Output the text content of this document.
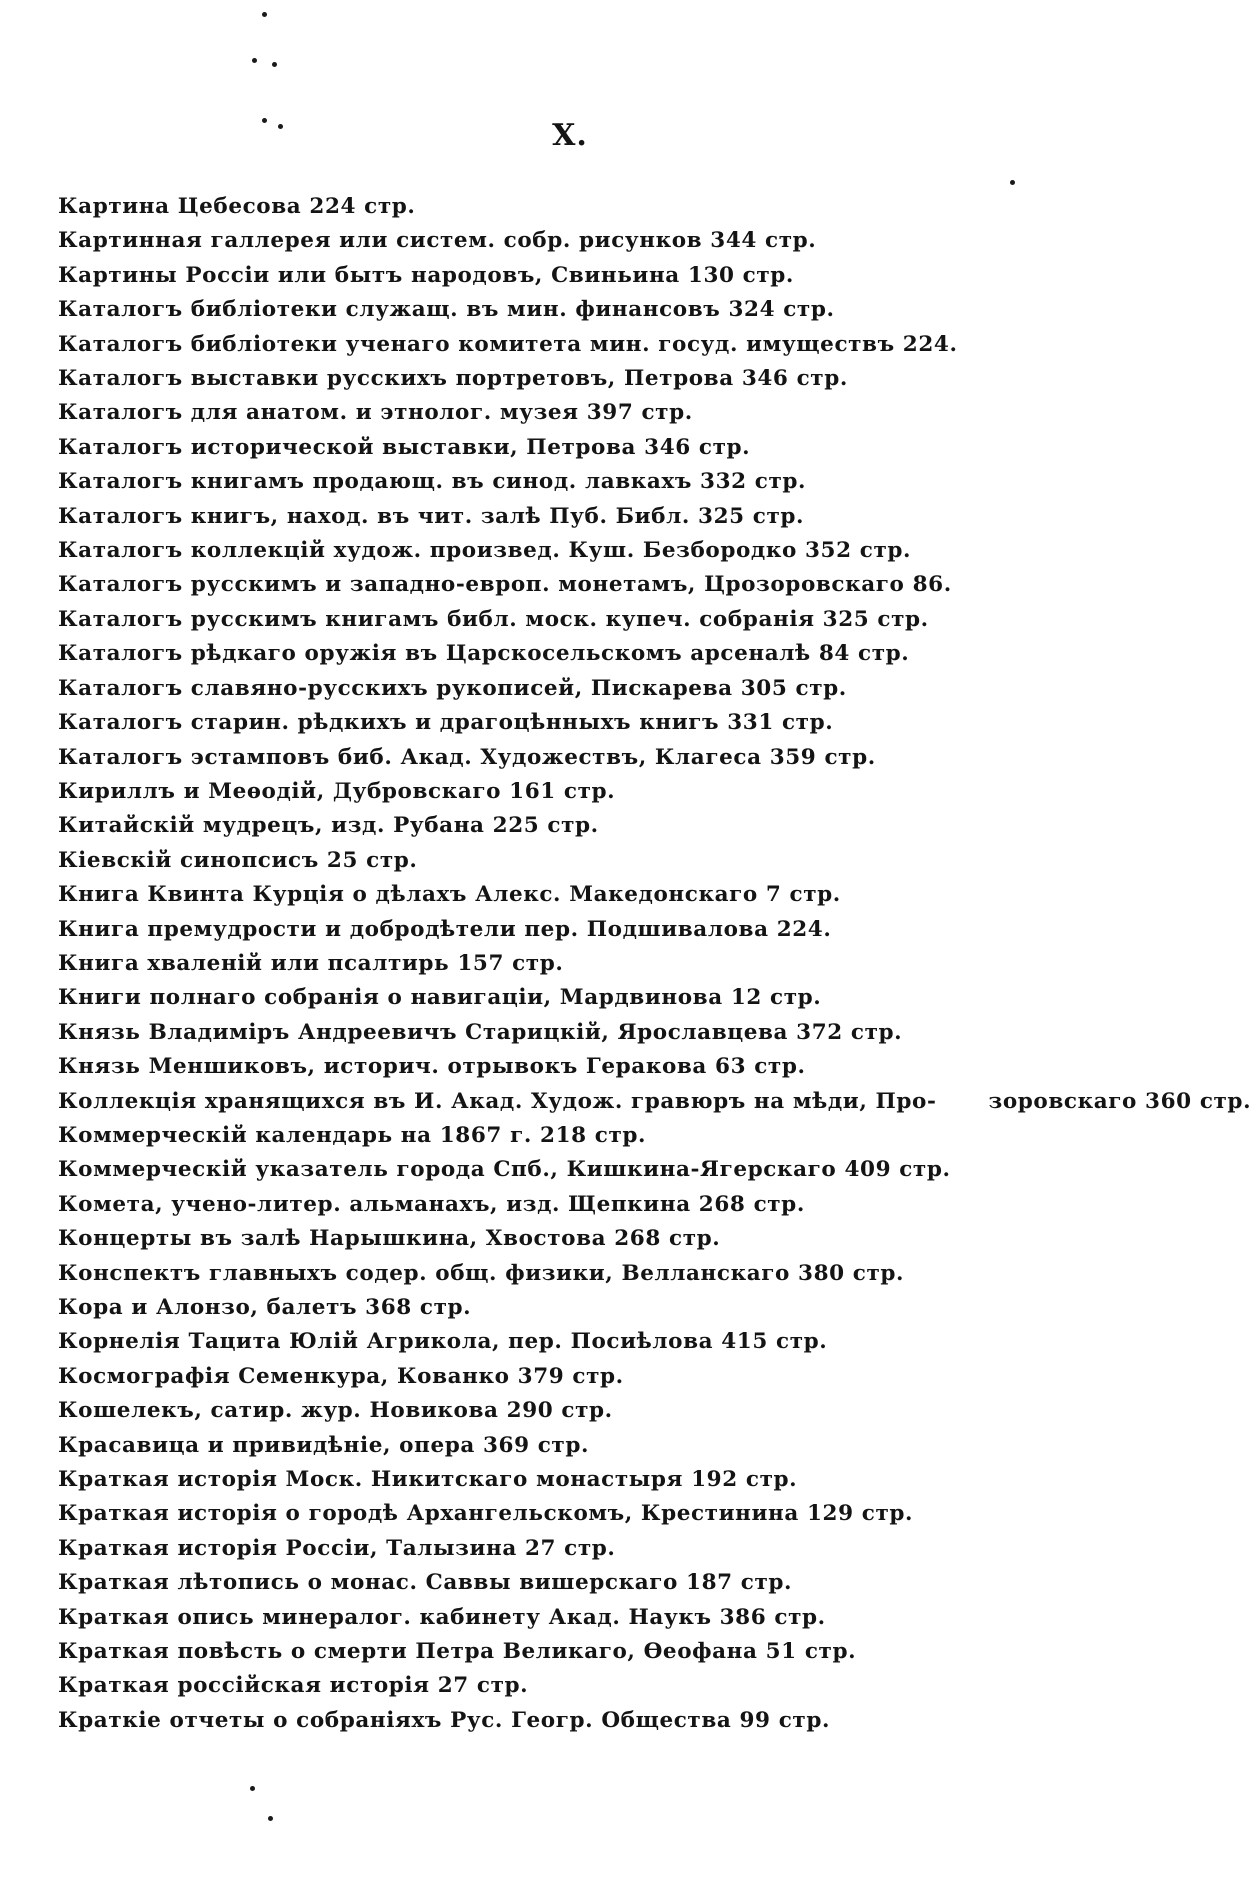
X.
Картина Цебесова 224 стр.
Картинная галлерея или систем. собр. рисунков 344 стр.
Картины Россіи или бытъ народовъ, Свиньина 130 стр.
Каталогъ библіотеки служащ. въ мин. финансовъ 324 стр.
Каталогъ библіотеки ученаго комитета мин. госуд. имуществъ 224.
Каталогъ выставки русскихъ портретовъ, Петрова 346 стр.
Каталогъ для анатом. и этнолог. музея 397 стр.
Каталогъ исторической выставки, Петрова 346 стр.
Каталогъ книгамъ продающ. въ синод. лавкахъ 332 стр.
Каталогъ книгъ, наход. въ чит. залѣ Пуб. Библ. 325 стр.
Каталогъ коллекцій худож. произвед. Куш. Безбородко 352 стр.
Каталогъ русскимъ и западно-европ. монетамъ, Црозоровскаго 86.
Каталогъ русскимъ книгамъ библ. моск. купеч. собранія 325 стр.
Каталогъ рѣдкаго оружія въ Царскосельскомъ арсеналѣ 84 стр.
Каталогъ славяно-русскихъ рукописей, Пискарева 305 стр.
Каталогъ старин. рѣдкихъ и драгоцѣнныхъ книгъ 331 стр.
Каталогъ эстамповъ биб. Акад. Художествъ, Клагеса 359 стр.
Кириллъ и Меѳодій, Дубровскаго 161 стр.
Китайскій мудрецъ, изд. Рубана 225 стр.
Кіевскій синопсисъ 25 стр.
Книга Квинта Курція о дѣлахъ Алекс. Македонскаго 7 стр.
Книга премудрости и добродѣтели пер. Подшивалова 224.
Книга хваленій или псалтирь 157 стр.
Книги полнаго собранія о навигаціи, Мардвинова 12 стр.
Князь Владимiръ Андреевичъ Старицкій, Ярославцева 372 стр.
Князь Меншиковъ, историч. отрывокъ Геракова 63 стр.
Коллекція хранящихся въ И. Акад. Худож. гравюръ на мѣди, Про- зоровскаго 360 стр.
Коммерческій календарь на 1867 г. 218 стр.
Коммерческій указатель города Спб., Кишкина-Ягерскаго 409 стр.
Комета, учено-литер. альманахъ, изд. Щепкина 268 стр.
Концерты въ залѣ Нарышкина, Хвостова 268 стр.
Конспектъ главныхъ содер. общ. физики, Велланскаго 380 стр.
Кора и Алонзо, балетъ 368 стр.
Корнелія Тацита Юлій Агрикола, пер. Посиѣлова 415 стр.
Космографія Семенкура, Кованко 379 стр.
Кошелекъ, сатир. жур. Новикова 290 стр.
Красавица и привидѣніе, опера 369 стр.
Краткая исторія Моск. Никитскаго монастыря 192 стр.
Краткая исторія о городѣ Архангельскомъ, Крестинина 129 стр.
Краткая исторія Россіи, Талызина 27 стр.
Краткая лѣтопись о монас. Саввы вишерскаго 187 стр.
Краткая опись минералог. кабинету Акад. Наукъ 386 стр.
Краткая повѣсть о смерти Петра Великаго, Ѳеофана 51 стр.
Краткая россійская исторія 27 стр.
Краткіе отчеты о собраніяхъ Рус. Геогр. Общества 99 стр.
